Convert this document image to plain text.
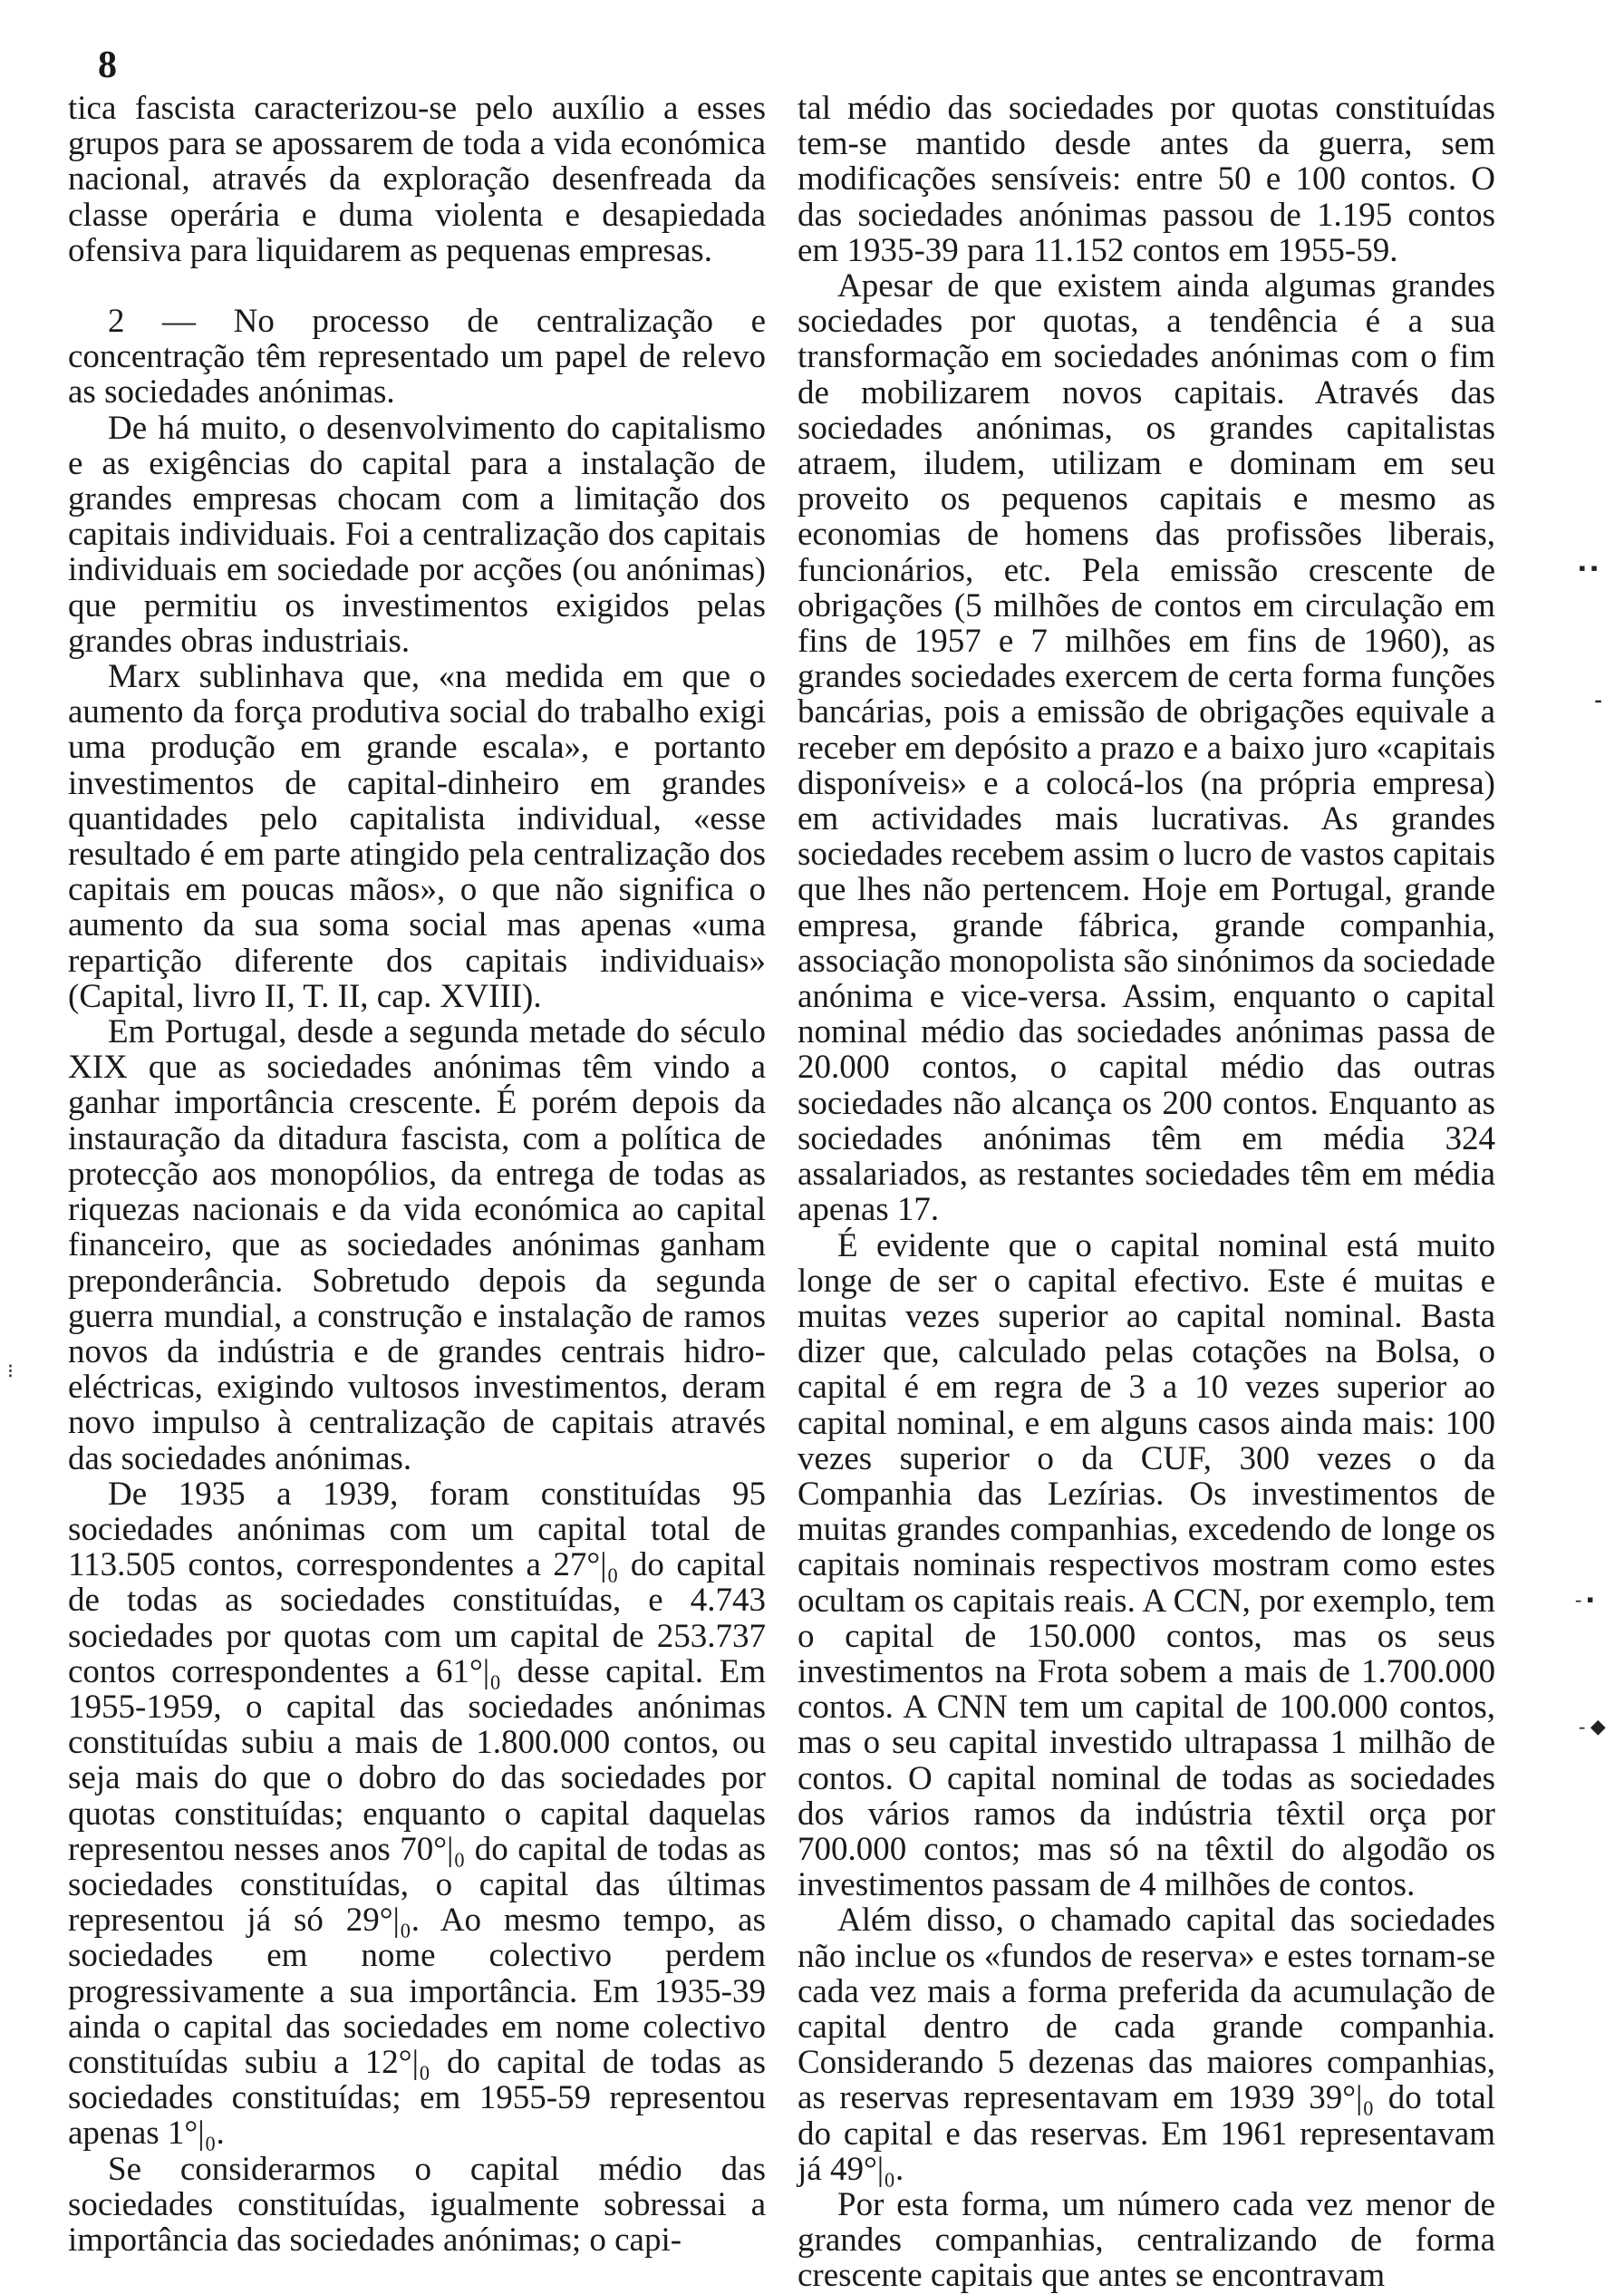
8

tica fascista caracterizou-se pelo auxílio a esses grupos para se apossarem de toda a vida económica nacional, através da exploração desenfreada da classe operária e duma violenta e desapiedada ofensiva para liquidarem as pequenas empresas.

2 — No processo de centralização e concentração têm representado um papel de relevo as sociedades anónimas.

De há muito, o desenvolvimento do capitalismo e as exigências do capital para a instalação de grandes empresas chocam com a limitação dos capitais individuais. Foi a centralização dos capitais individuais em sociedade por acções (ou anónimas) que permitiu os investimentos exigidos pelas grandes obras industriais.

Marx sublinhava que, «na medida em que o aumento da força produtiva social do trabalho exigi uma produção em grande escala», e portanto investimentos de capital-dinheiro em grandes quantidades pelo capitalista individual, «esse resultado é em parte atingido pela centralização dos capitais em poucas mãos», o que não significa o aumento da sua soma social mas apenas «uma repartição diferente dos capitais individuais» (Capital, livro II, T. II, cap. XVIII).

Em Portugal, desde a segunda metade do século XIX que as sociedades anónimas têm vindo a ganhar importância crescente. É porém depois da instauração da ditadura fascista, com a política de protecção aos monopólios, da entrega de todas as riquezas nacionais e da vida económica ao capital financeiro, que as sociedades anónimas ganham preponderância. Sobretudo depois da segunda guerra mundial, a construção e instalação de ramos novos da indústria e de grandes centrais hidro-eléctricas, exigindo vultosos investimentos, deram novo impulso à centralização de capitais através das sociedades anónimas.

De 1935 a 1939, foram constituídas 95 sociedades anónimas com um capital total de 113.505 contos, correspondentes a 27°|₀ do capital de todas as sociedades constituídas, e 4.743 sociedades por quotas com um capital de 253.737 contos correspondentes a 61°|₀ desse capital. Em 1955-1959, o capital das sociedades anónimas constituídas subiu a mais de 1.800.000 contos, ou seja mais do que o dobro do das sociedades por quotas constituídas; enquanto o capital daquelas representou nesses anos 70°|₀ do capital de todas as sociedades constituídas, o capital das últimas representou já só 29°|₀. Ao mesmo tempo, as sociedades em nome colectivo perdem progressivamente a sua importância. Em 1935-39 ainda o capital das sociedades em nome colectivo constituídas subiu a 12°|₀ do capital de todas as sociedades constituídas; em 1955-59 representou apenas 1°|₀.

Se considerarmos o capital médio das sociedades constituídas, igualmente sobressai a importância das sociedades anónimas; o capi-

tal médio das sociedades por quotas constituídas tem-se mantido desde antes da guerra, sem modificações sensíveis: entre 50 e 100 contos. O das sociedades anónimas passou de 1.195 contos em 1935-39 para 11.152 contos em 1955-59.

Apesar de que existem ainda algumas grandes sociedades por quotas, a tendência é a sua transformação em sociedades anónimas com o fim de mobilizarem novos capitais. Através das sociedades anónimas, os grandes capitalistas atraem, iludem, utilizam e dominam em seu proveito os pequenos capitais e mesmo as economias de homens das profissões liberais, funcionários, etc. Pela emissão crescente de obrigações (5 milhões de contos em circulação em fins de 1957 e 7 milhões em fins de 1960), as grandes sociedades exercem de certa forma funções bancárias, pois a emissão de obrigações equivale a receber em depósito a prazo e a baixo juro «capitais disponíveis» e a colocá-los (na própria empresa) em actividades mais lucrativas. As grandes sociedades recebem assim o lucro de vastos capitais que lhes não pertencem. Hoje em Portugal, grande empresa, grande fábrica, grande companhia, associação monopolista são sinónimos da sociedade anónima e vice-versa. Assim, enquanto o capital nominal médio das sociedades anónimas passa de 20.000 contos, o capital médio das outras sociedades não alcança os 200 contos. Enquanto as sociedades anónimas têm em média 324 assalariados, as restantes sociedades têm em média apenas 17.

É evidente que o capital nominal está muito longe de ser o capital efectivo. Este é muitas e muitas vezes superior ao capital nominal. Basta dizer que, calculado pelas cotações na Bolsa, o capital é em regra de 3 a 10 vezes superior ao capital nominal, e em alguns casos ainda mais: 100 vezes superior o da CUF, 300 vezes o da Companhia das Lezírias. Os investimentos de muitas grandes companhias, excedendo de longe os capitais nominais respectivos mostram como estes ocultam os capitais reais. A CCN, por exemplo, tem o capital de 150.000 contos, mas os seus investimentos na Frota sobem a mais de 1.700.000 contos. A CNN tem um capital de 100.000 contos, mas o seu capital investido ultrapassa 1 milhão de contos. O capital nominal de todas as sociedades dos vários ramos da indústria têxtil orça por 700.000 contos; mas só na têxtil do algodão os investimentos passam de 4 milhões de contos.

Além disso, o chamado capital das sociedades não inclue os «fundos de reserva» e estes tornam-se cada vez mais a forma preferida da acumulação de capital dentro de cada grande companhia. Considerando 5 dezenas das maiores companhias, as reservas representavam em 1939 39°|₀ do total do capital e das reservas. Em 1961 representavam já 49°|₀.

Por esta forma, um número cada vez menor de grandes companhias, centralizando de forma crescente capitais que antes se encontravam

▪ ▪
⁃
- ▪
- ◆
⁝
